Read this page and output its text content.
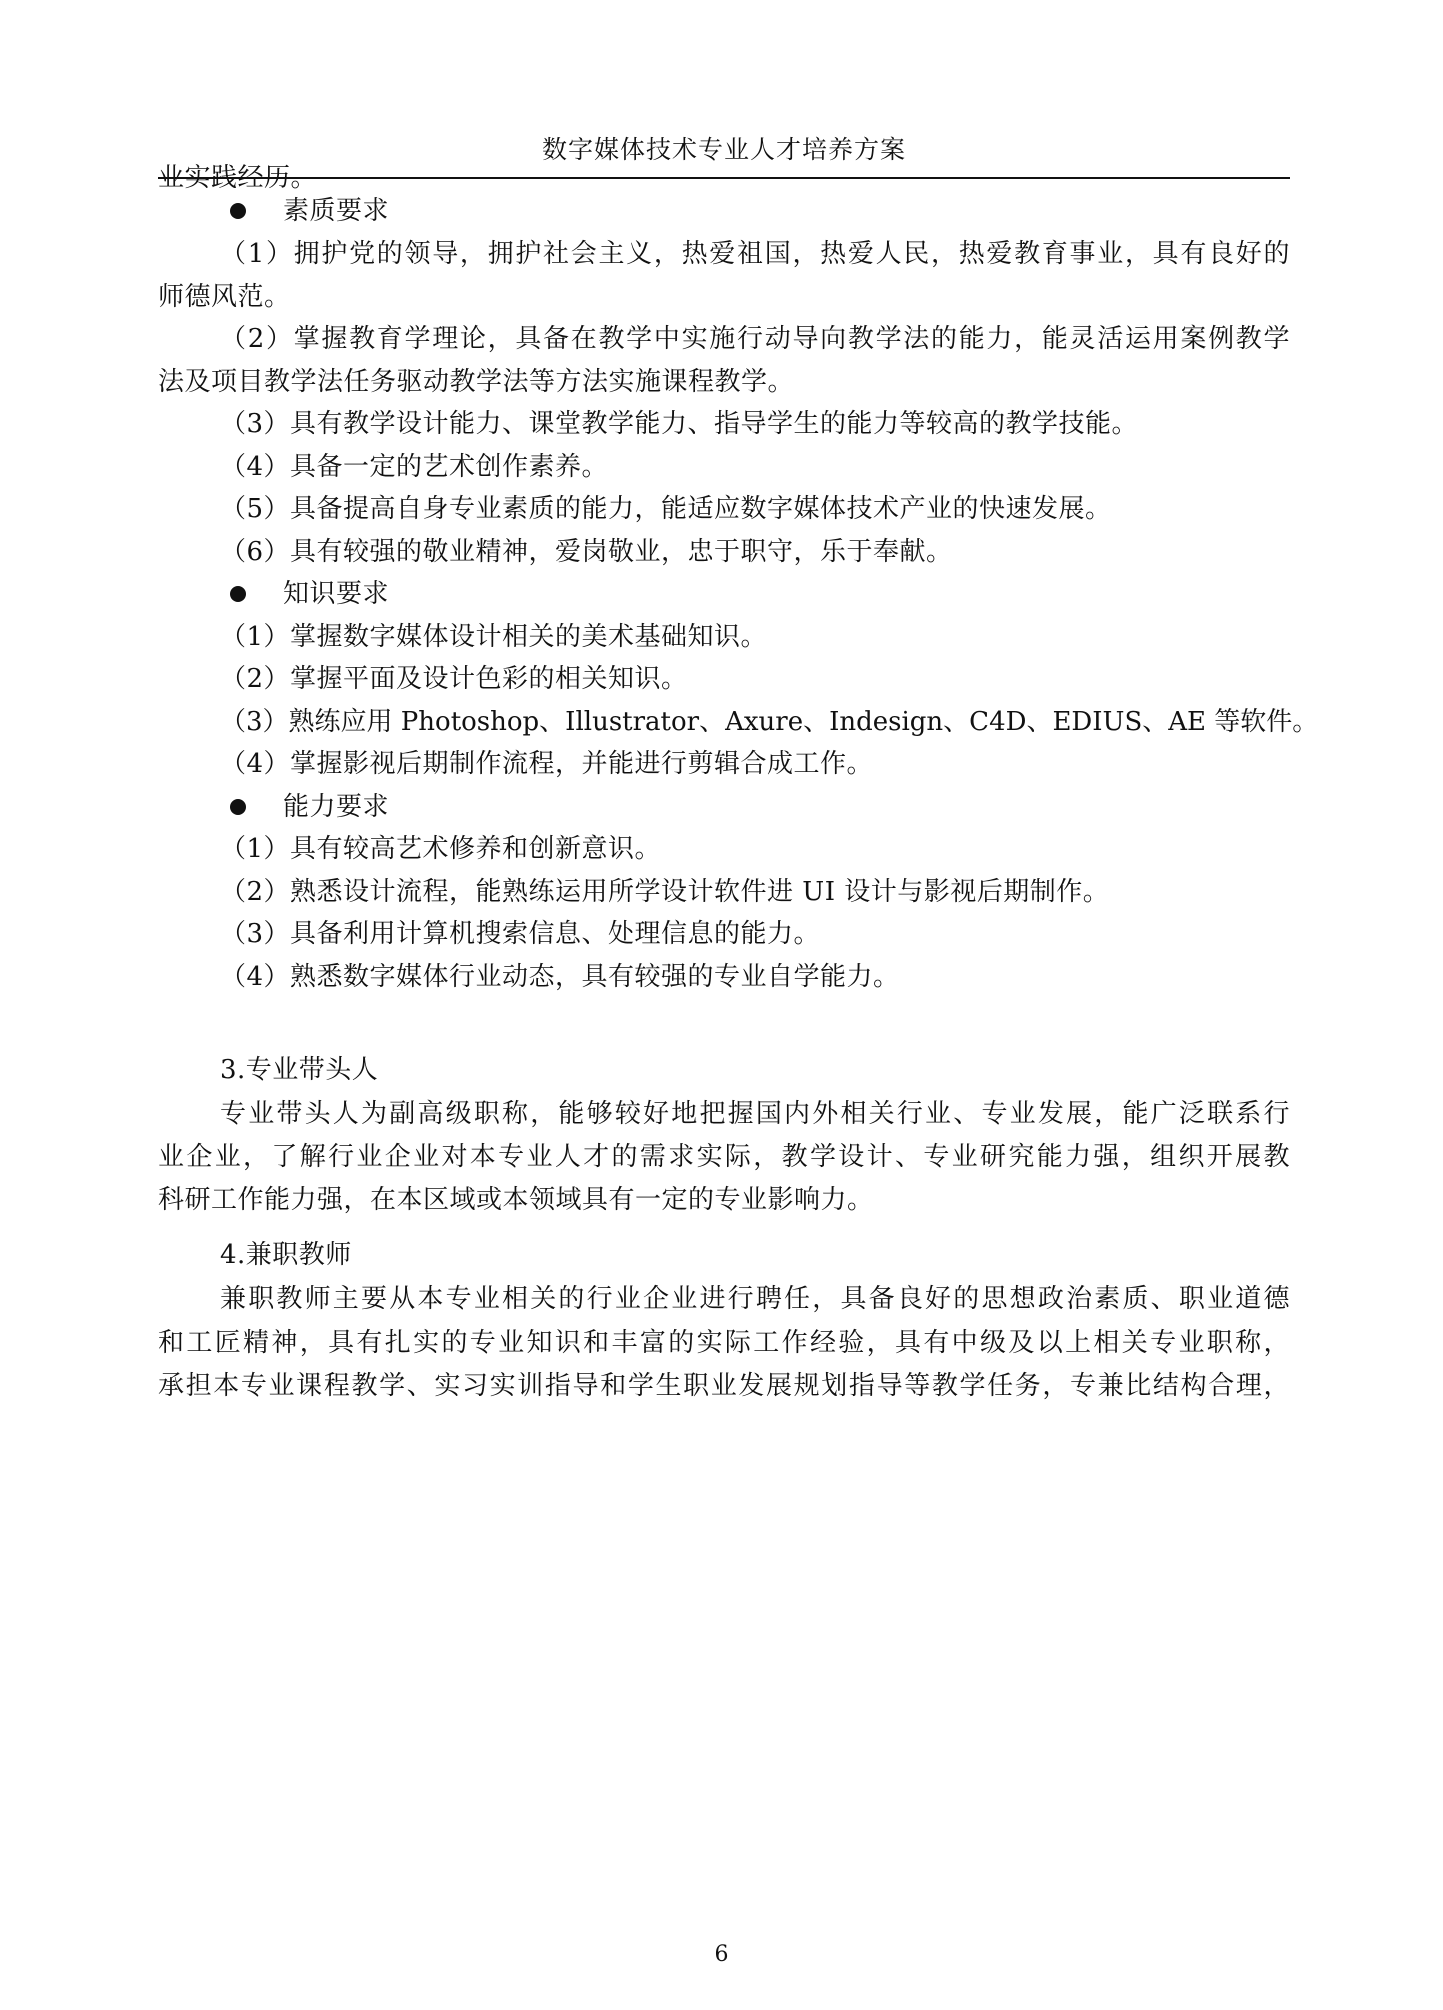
数字媒体技术专业人才培养方案
业实践经历。
素质要求
（1）拥护党的领导，拥护社会主义，热爱祖国，热爱人民，热爱教育事业，具有良好的
师德风范。
（2）掌握教育学理论，具备在教学中实施行动导向教学法的能力，能灵活运用案例教学
法及项目教学法任务驱动教学法等方法实施课程教学。
（3）具有教学设计能力、课堂教学能力、指导学生的能力等较高的教学技能。
（4）具备一定的艺术创作素养。
（5）具备提高自身专业素质的能力，能适应数字媒体技术产业的快速发展。
（6）具有较强的敬业精神，爱岗敬业，忠于职守，乐于奉献。
知识要求
（1）掌握数字媒体设计相关的美术基础知识。
（2）掌握平面及设计色彩的相关知识。
（3）熟练应用 Photoshop、Illustrator、Axure、Indesign、C4D、EDIUS、AE 等软件。
（4）掌握影视后期制作流程，并能进行剪辑合成工作。
能力要求
（1）具有较高艺术修养和创新意识。
（2）熟悉设计流程，能熟练运用所学设计软件进 UI 设计与影视后期制作。
（3）具备利用计算机搜索信息、处理信息的能力。
（4）熟悉数字媒体行业动态，具有较强的专业自学能力。
3.专业带头人
专业带头人为副高级职称，能够较好地把握国内外相关行业、专业发展，能广泛联系行
业企业，了解行业企业对本专业人才的需求实际，教学设计、专业研究能力强，组织开展教
科研工作能力强，在本区域或本领域具有一定的专业影响力。
4.兼职教师
兼职教师主要从本专业相关的行业企业进行聘任，具备良好的思想政治素质、职业道德
和工匠精神，具有扎实的专业知识和丰富的实际工作经验，具有中级及以上相关专业职称，
承担本专业课程教学、实习实训指导和学生职业发展规划指导等教学任务，专兼比结构合理，
6
